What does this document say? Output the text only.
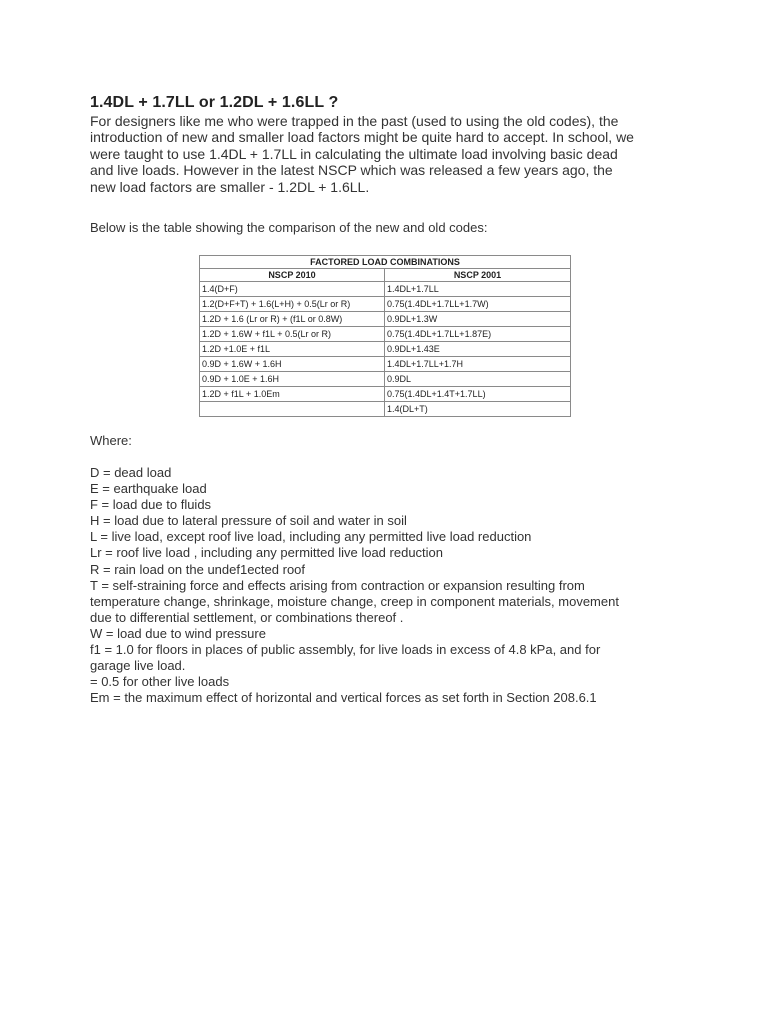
1.4DL + 1.7LL or 1.2DL + 1.6LL ?

For designers like me who were trapped in the past (used to using the old codes), the

introduction of new and smaller load factors might be quite hard to accept. In school, we

were taught to use 1.4DL + 1.7LL in calculating the ultimate load involving basic dead

and live loads. However in the latest NSCP which was released a few years ago, the

new load factors are smaller - 1.2DL + 1.6LL.

Below is the table showing the comparison of the new and old codes:
FACTORED LOAD COMBINATIONS	
NSCP 2010	NSCP 2001
1.4(D+F)	1.4DL+1.7LL
1.2(D+F+T) + 1.6(L+H) + 0.5(Lr or R)	0.75(1.4DL+1.7LL+1.7W)
1.2D + 1.6 (Lr or R) + (f1L or 0.8W)	0.9DL+1.3W
1.2D + 1.6W + f1L + 0.5(Lr or R)	0.75(1.4DL+1.7LL+1.87E)
1.2D +1.0E + f1L	0.9DL+1.43E
0.9D + 1.6W + 1.6H	1.4DL+1.7LL+1.7H
0.9D + 1.0E + 1.6H	0.9DL
1.2D + f1L + 1.0Em	0.75(1.4DL+1.4T+1.7LL)
	1.4(DL+T)
Where:
D = dead load
E = earthquake load
F = load due to fluids
H = load due to lateral pressure of soil and water in soil
L = live load, except roof live load, including any permitted live load reduction
Lr = roof live load , including any permitted live load reduction
R = rain load on the undef1ected roof
T = self-straining force and effects arising from contraction or expansion resulting from
temperature change, shrinkage, moisture change, creep in component materials, movement
due to differential settlement, or combinations thereof .
W = load due to wind pressure
f1 = 1.0 for floors in places of public assembly, for live loads in excess of 4.8 kPa, and for
garage live load.
= 0.5 for other live loads
Em = the maximum effect of horizontal and vertical forces as set forth in Section 208.6.1
